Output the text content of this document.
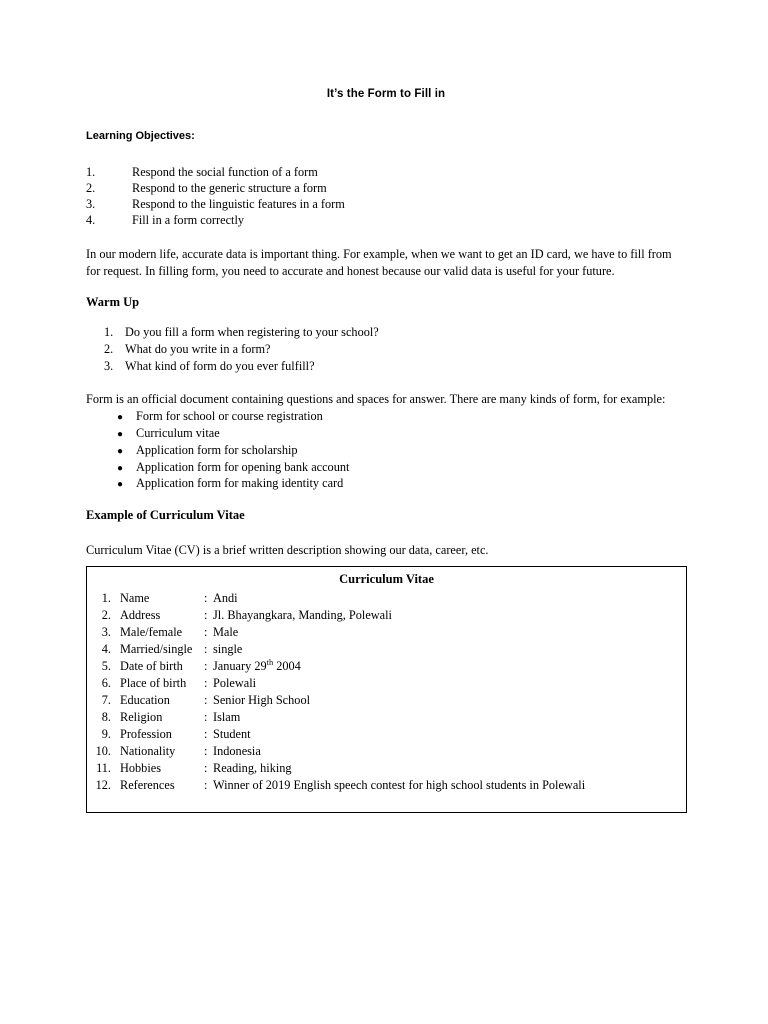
It’s the Form to Fill in
Learning Objectives:
1.	Respond the social function of a form
2.	Respond to the generic structure a form
3.	Respond to the linguistic features in a form
4.	Fill in a form correctly

In our modern life, accurate data is important thing. For example, when we want to get an ID card, we have to fill from for request. In filling form, you need to accurate and honest because our valid data is useful for your future.

Warm Up
1. Do you fill a form when registering to your school?
2. What do you write in a form?
3. What kind of form do you ever fulfill?

Form is an official document containing questions and spaces for answer. There are many kinds of form, for example:

●	Form for school or course registration
●	Curriculum vitae
●	Application form for scholarship
●	Application form for opening bank account
●	Application form for making identity card
Example of Curriculum Vitae

Curriculum Vitae (CV) is a brief written description showing our data, career, etc.

Curriculum Vitae
1. Name	: Andi
2. Address	: Jl. Bhayangkara, Manding, Polewali
3. Male/female	: Male
4. Married/single : single
5. Date of birth	: January 29th 2004
6. Place of birth	: Polewali
7. Education	: Senior High School
8. Religion	: Islam
9. Profession	: Student
10. Nationality	: Indonesia
11. Hobbies	: Reading, hiking
12. References	: Winner of 2019 English speech contest for high school students in Polewali
